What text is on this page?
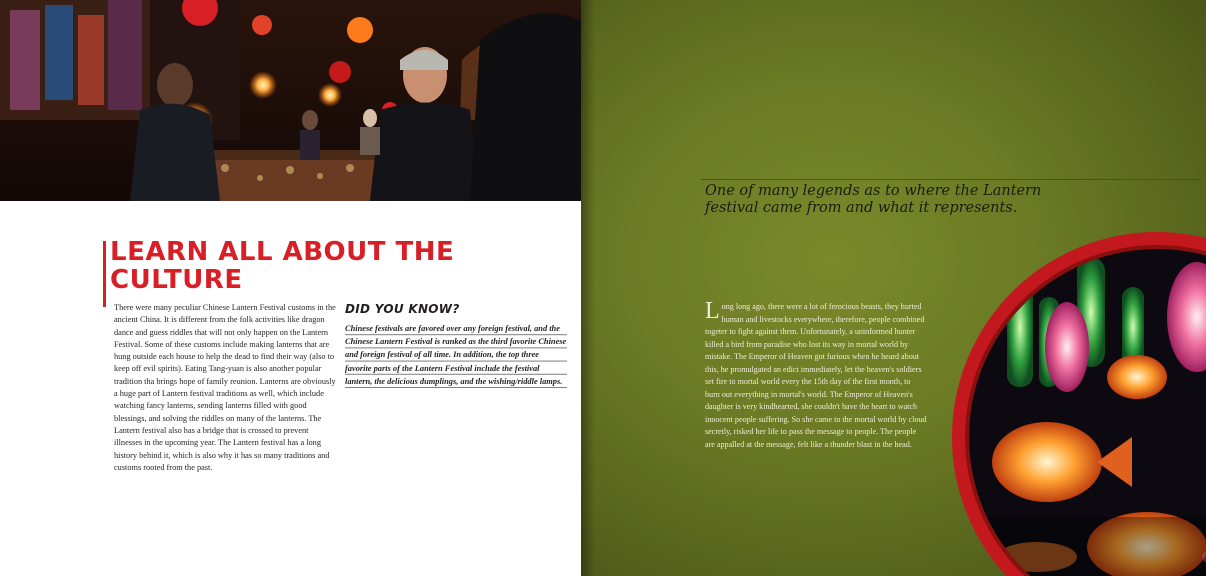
LEARN ALL ABOUT THE CULTURE

There were many peculiar Chinese Lantern Festival customs in the ancient China. It is different from the folk activities like dragon dance and guess riddles that will not only happen on the Lantern Festival. Some of these customs include making lanterns that are hung outside each house to help the dead to find their way (also to keep off evil spirits). Eating Tang-yuan is also another popular tradition tha brings hope of family reunion. Lanterns are obviously a huge part of Lantern festival traditions as well, which include watching fancy lanterns, sending lanterns filled with good blessings, and solving the riddles on many of the lanterns. The Lantern festival also has a bridge that is crossed to prevent illnesses in the upcoming year. The Lantern festival has a long history behind it, which is also why it has so many traditions and customs rooted from the past.

DID YOU KNOW?

Chinese festivals are favored over any foreign festival, and the Chinese Lantern Festival is ranked as the third favorite Chinese and foreign festival of all time. In addition, the top three favorite parts of the Lantern Festival include the festival lantern, the delicious dumplings, and the wishing/riddle lamps.

One of many legends as to where the Lantern festival came from and what it represents.

Long long ago, there were a lot of ferocious beasts, they hurted human and livestocks everywhere, therefore, people combined togeter to fight against them. Unfortunately, a uninformed hunter killed a bird from paradise who lost its way in mortal world by mistake. The Emperor of Heaven got furious when he heard about this, he promulgated an edict immediately, let the heaven's soldiers set fire to mortal world every the 15th day of the first month, to burn out everything in mortal's world. The Emperor of Heaven's daughter is very kindhearted, she couldn't have the heart to watch innocent people suffering. So she came to the mortal world by cloud secretly, risked her life to pass the message to people. The people are appalled at the message, felt like a thunder blast in the head.
